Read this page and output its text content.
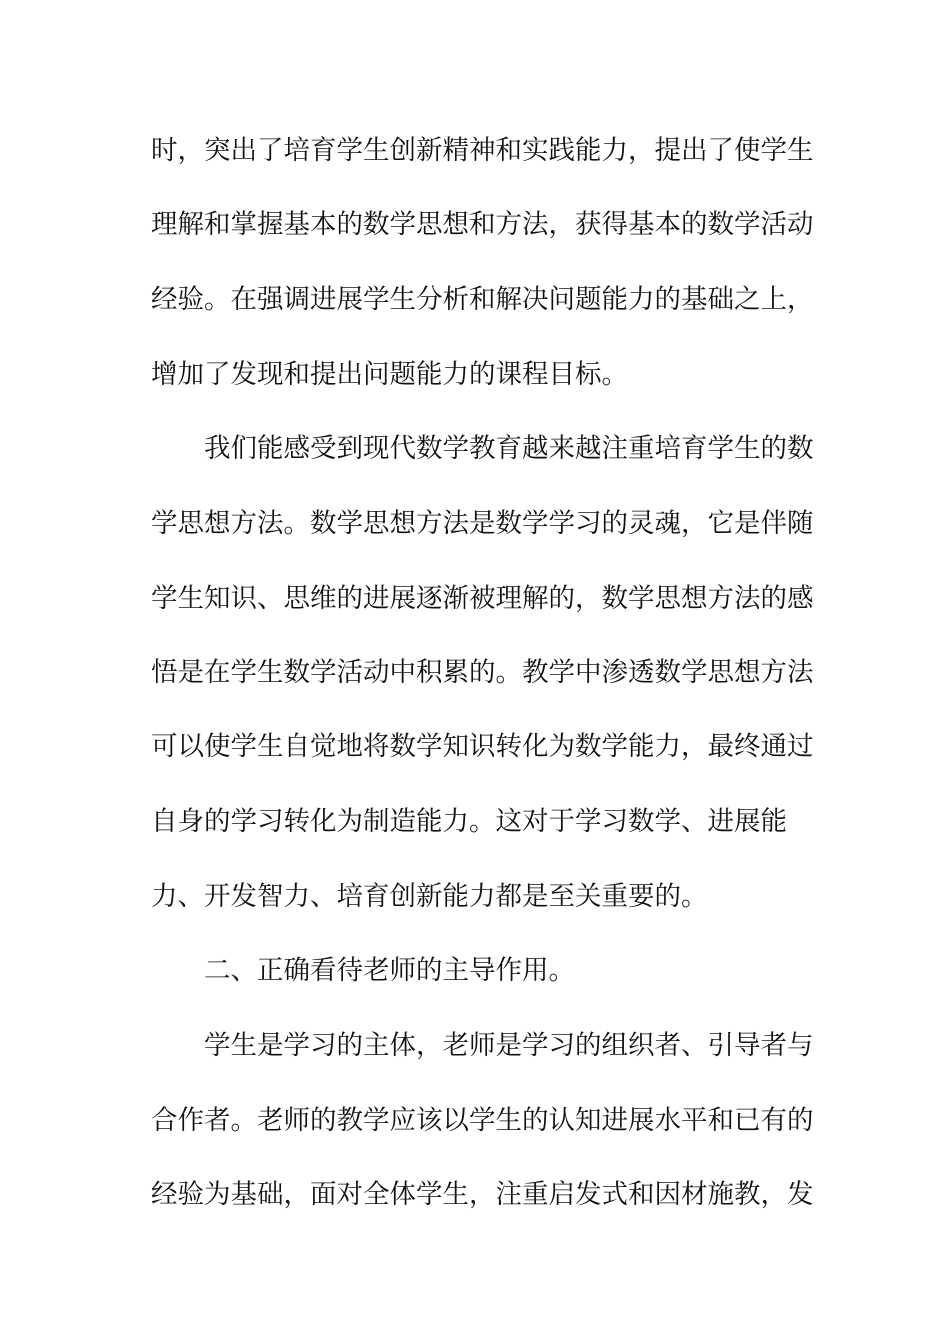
时，突出了培育学生创新精神和实践能力，提出了使学生
理解和掌握基本的数学思想和方法，获得基本的数学活动
经验。在强调进展学生分析和解决问题能力的基础之上，
增加了发现和提出问题能力的课程目标。
我们能感受到现代数学教育越来越注重培育学生的数
学思想方法。数学思想方法是数学学习的灵魂，它是伴随
学生知识、思维的进展逐渐被理解的，数学思想方法的感
悟是在学生数学活动中积累的。教学中渗透数学思想方法
可以使学生自觉地将数学知识转化为数学能力，最终通过
自身的学习转化为制造能力。这对于学习数学、进展能
力、开发智力、培育创新能力都是至关重要的。
二、正确看待老师的主导作用。
学生是学习的主体，老师是学习的组织者、引导者与
合作者。老师的教学应该以学生的认知进展水平和已有的
经验为基础，面对全体学生，注重启发式和因材施教，发
